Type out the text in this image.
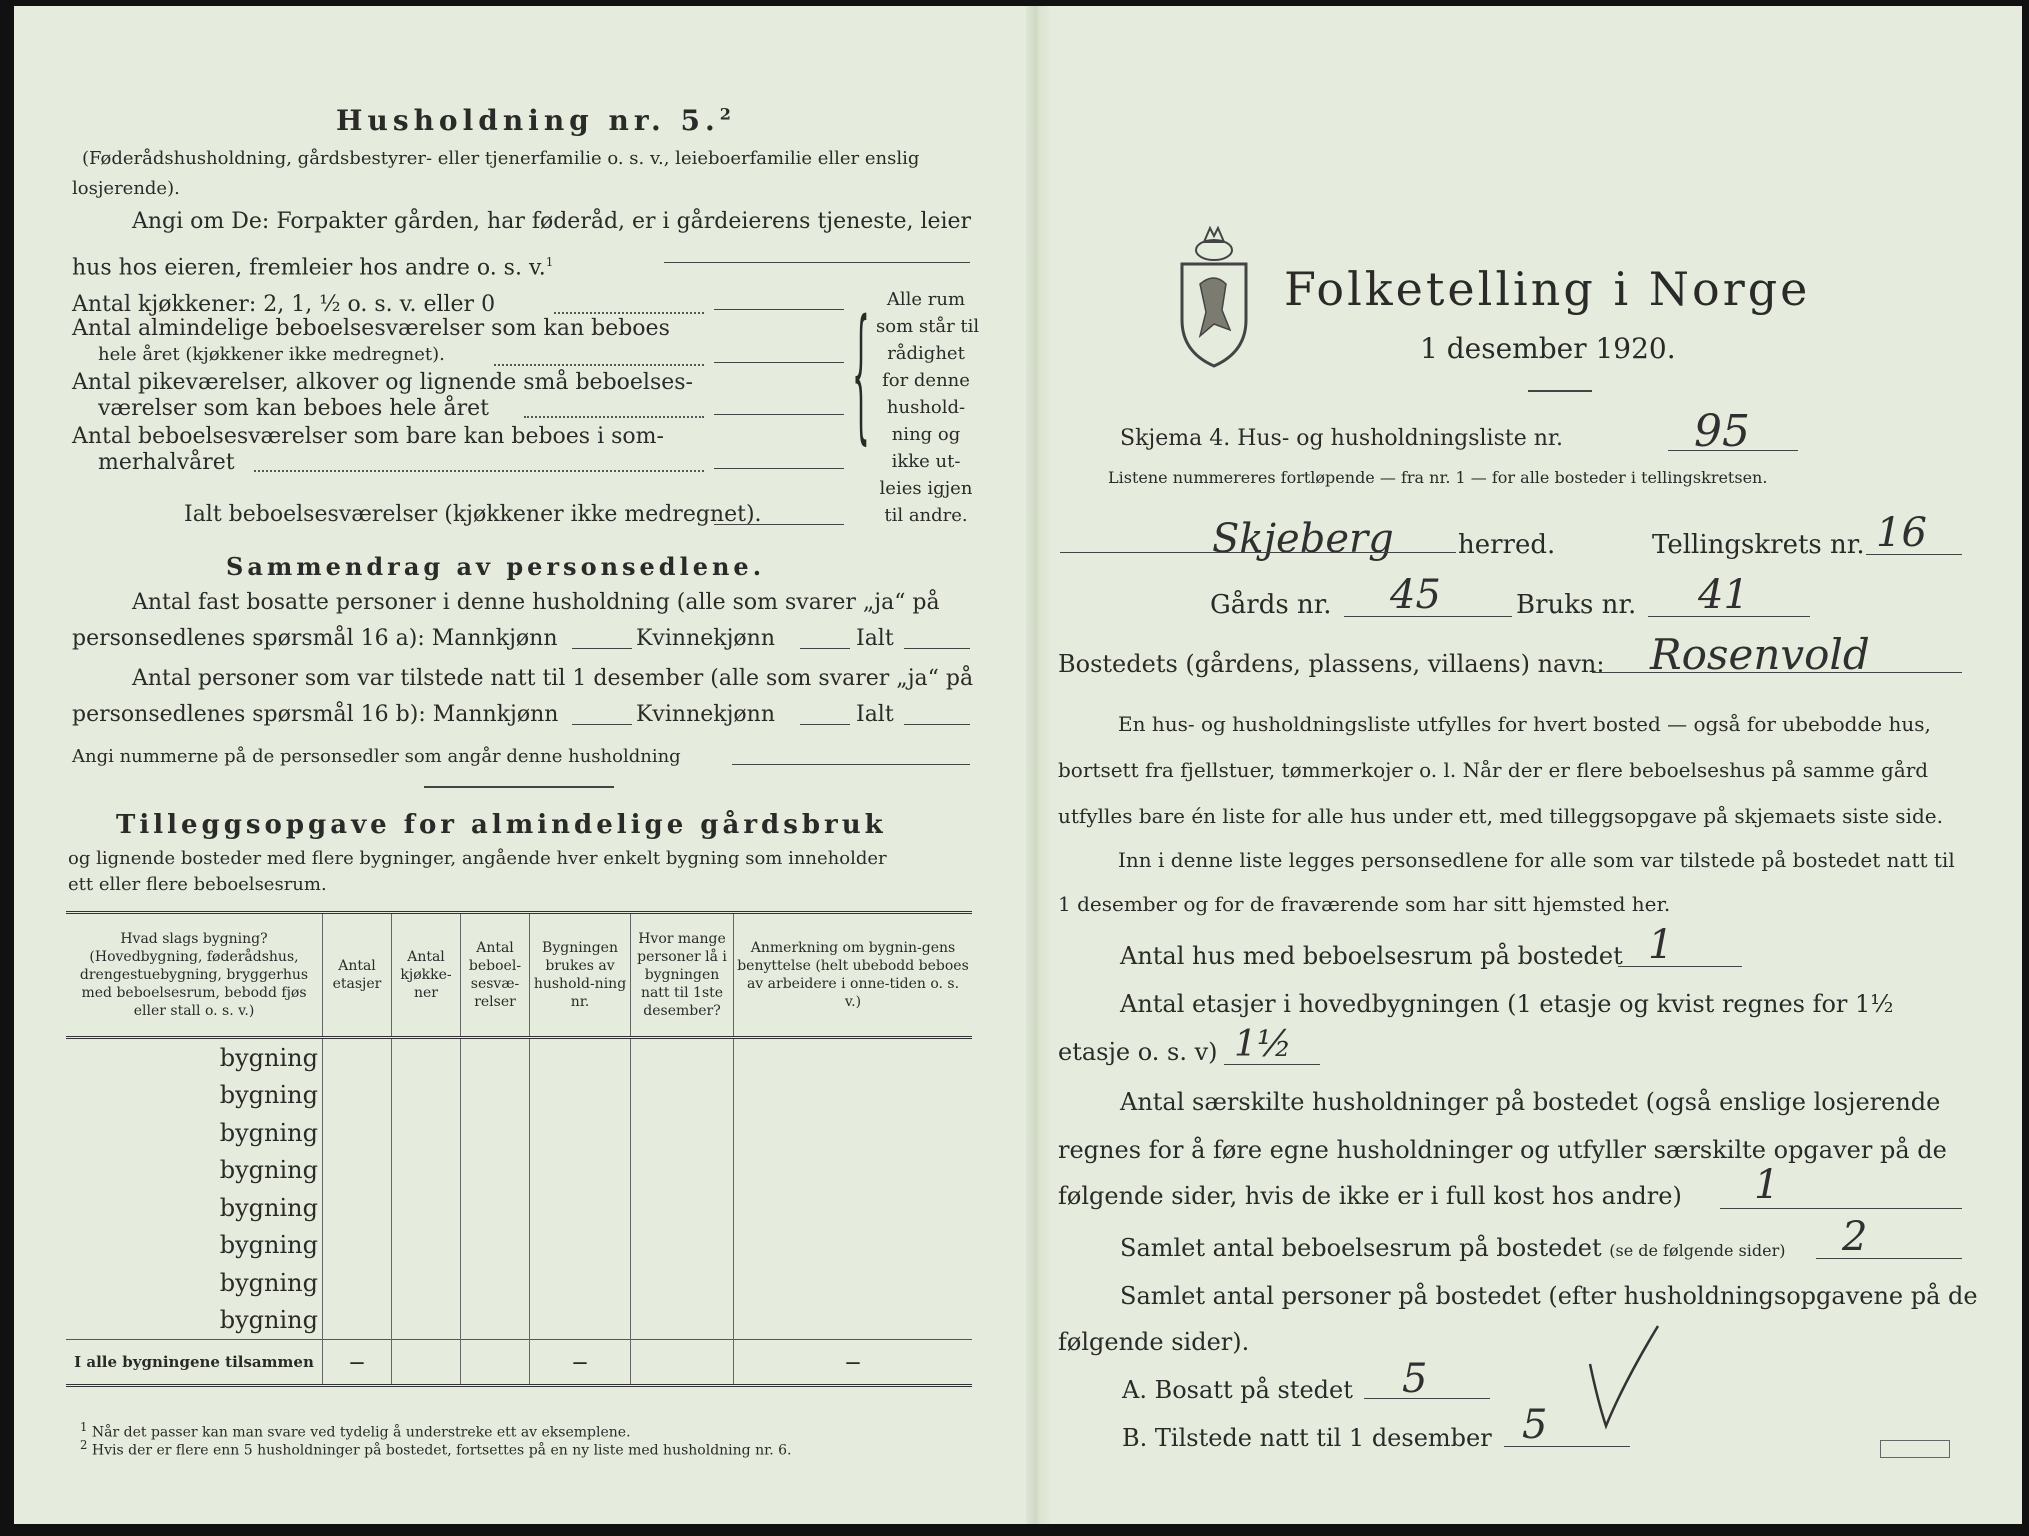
Husholdning nr. 5.$^2$
(Føderådshusholdning, gårdsbestyrer- eller tjenerfamilie o. s. v., leieboerfamilie eller enslig losjerende).
Angi om De: Forpakter gården, har føderåd, er i gårdeierens tjeneste, leier hus hos eieren, fremleier hos andre o. s. v.$^1$
Antal kjøkkener: 2, 1, ½ o. s. v. eller 0
Antal almindelige beboelsesværelser som kan beboes
hele året (kjøkkener ikke medregnet).
Antal pikeværelser, alkover og lignende små beboelses-
værelser som kan beboes hele året
Antal beboelsesværelser som bare kan beboes i som-
merhalvåret
Ialt beboelsesværelser (kjøkkener ikke medregnet).
{ Alle rum
som står til
rådighet
for denne
hushold-
ning og
ikke ut-
leies igjen
til andre.
Sammendrag av personsedlene.
Antal fast bosatte personer i denne husholdning (alle som svarer „ja“ på
personsedlenes spørsmål 16 a): Mannkjønn	Kvinnekjønn	Ialt
Antal personer som var tilstede natt til 1 desember (alle som svarer „ja“ på
personsedlenes spørsmål 16 b): Mannkjønn	Kvinnekjønn	Ialt
Angi nummerne på de personsedler som angår denne husholdning
Tilleggsopgave for almindelige gårdsbruk
og lignende bosteder med flere bygninger, angående hver enkelt bygning som inneholder
ett eller flere beboelsesrum.
Hvad slags bygning? (Hovedbygning, føderådshus, drengestuebygning, bryggerhus med beboelsesrum, bebodd fjøs eller stall o. s. v.)	Antal etasjer	Antal kjøkke-ner	Antal beboel-sesvæ-relser	Bygningen brukes av hushold-ning nr.	Hvor mange personer lå i bygningen natt til 1ste desember?	Anmerkning om bygnin-gens benyttelse (helt ubebodd beboes av arbeidere i onne-tiden o. s. v.)
bygning						
bygning						
bygning						
bygning						
bygning						
bygning						
bygning						
bygning						
I alle bygningene tilsammen	—			—		—
$^1$ Når det passer kan man svare ved tydelig å understreke ett av eksemplene.
$^2$ Hvis der er flere enn 5 husholdninger på bostedet, fortsettes på en ny liste med husholdning nr. 6.
Folketelling i Norge
1 desember 1920.
Skjema 4. Hus- og husholdningsliste nr.	95
Listene nummereres fortløpende — fra nr. 1 — for alle bosteder i tellingskretsen.
Skjeberg herred.	Tellingskrets nr. 16
Gårds nr. 45	Bruks nr. 41
Bostedets (gårdens, plassens, villaens) navn: Rosenvold
En hus- og husholdningsliste utfylles for hvert bosted — også for ubebodde hus,
bortsett fra fjellstuer, tømmerkojer o. l. Når der er flere beboelseshus på samme gård
utfylles bare én liste for alle hus under ett, med tilleggsopgave på skjemaets siste side.
Inn i denne liste legges personsedlene for alle som var tilstede på bostedet natt til
1 desember og for de fraværende som har sitt hjemsted her.
Antal hus med beboelsesrum på bostedet 1
Antal etasjer i hovedbygningen (1 etasje og kvist regnes for 1½
etasje o. s. v) 1½
Antal særskilte husholdninger på bostedet (også enslige losjerende
regnes for å føre egne husholdninger og utfyller særskilte opgaver på de
følgende sider, hvis de ikke er i full kost hos andre) 1
Samlet antal beboelsesrum på bostedet (se de følgende sider) 2
Samlet antal personer på bostedet (efter husholdningsopgavene på de
følgende sider).
A. Bosatt på stedet 5
B. Tilstede natt til 1 desember 5
